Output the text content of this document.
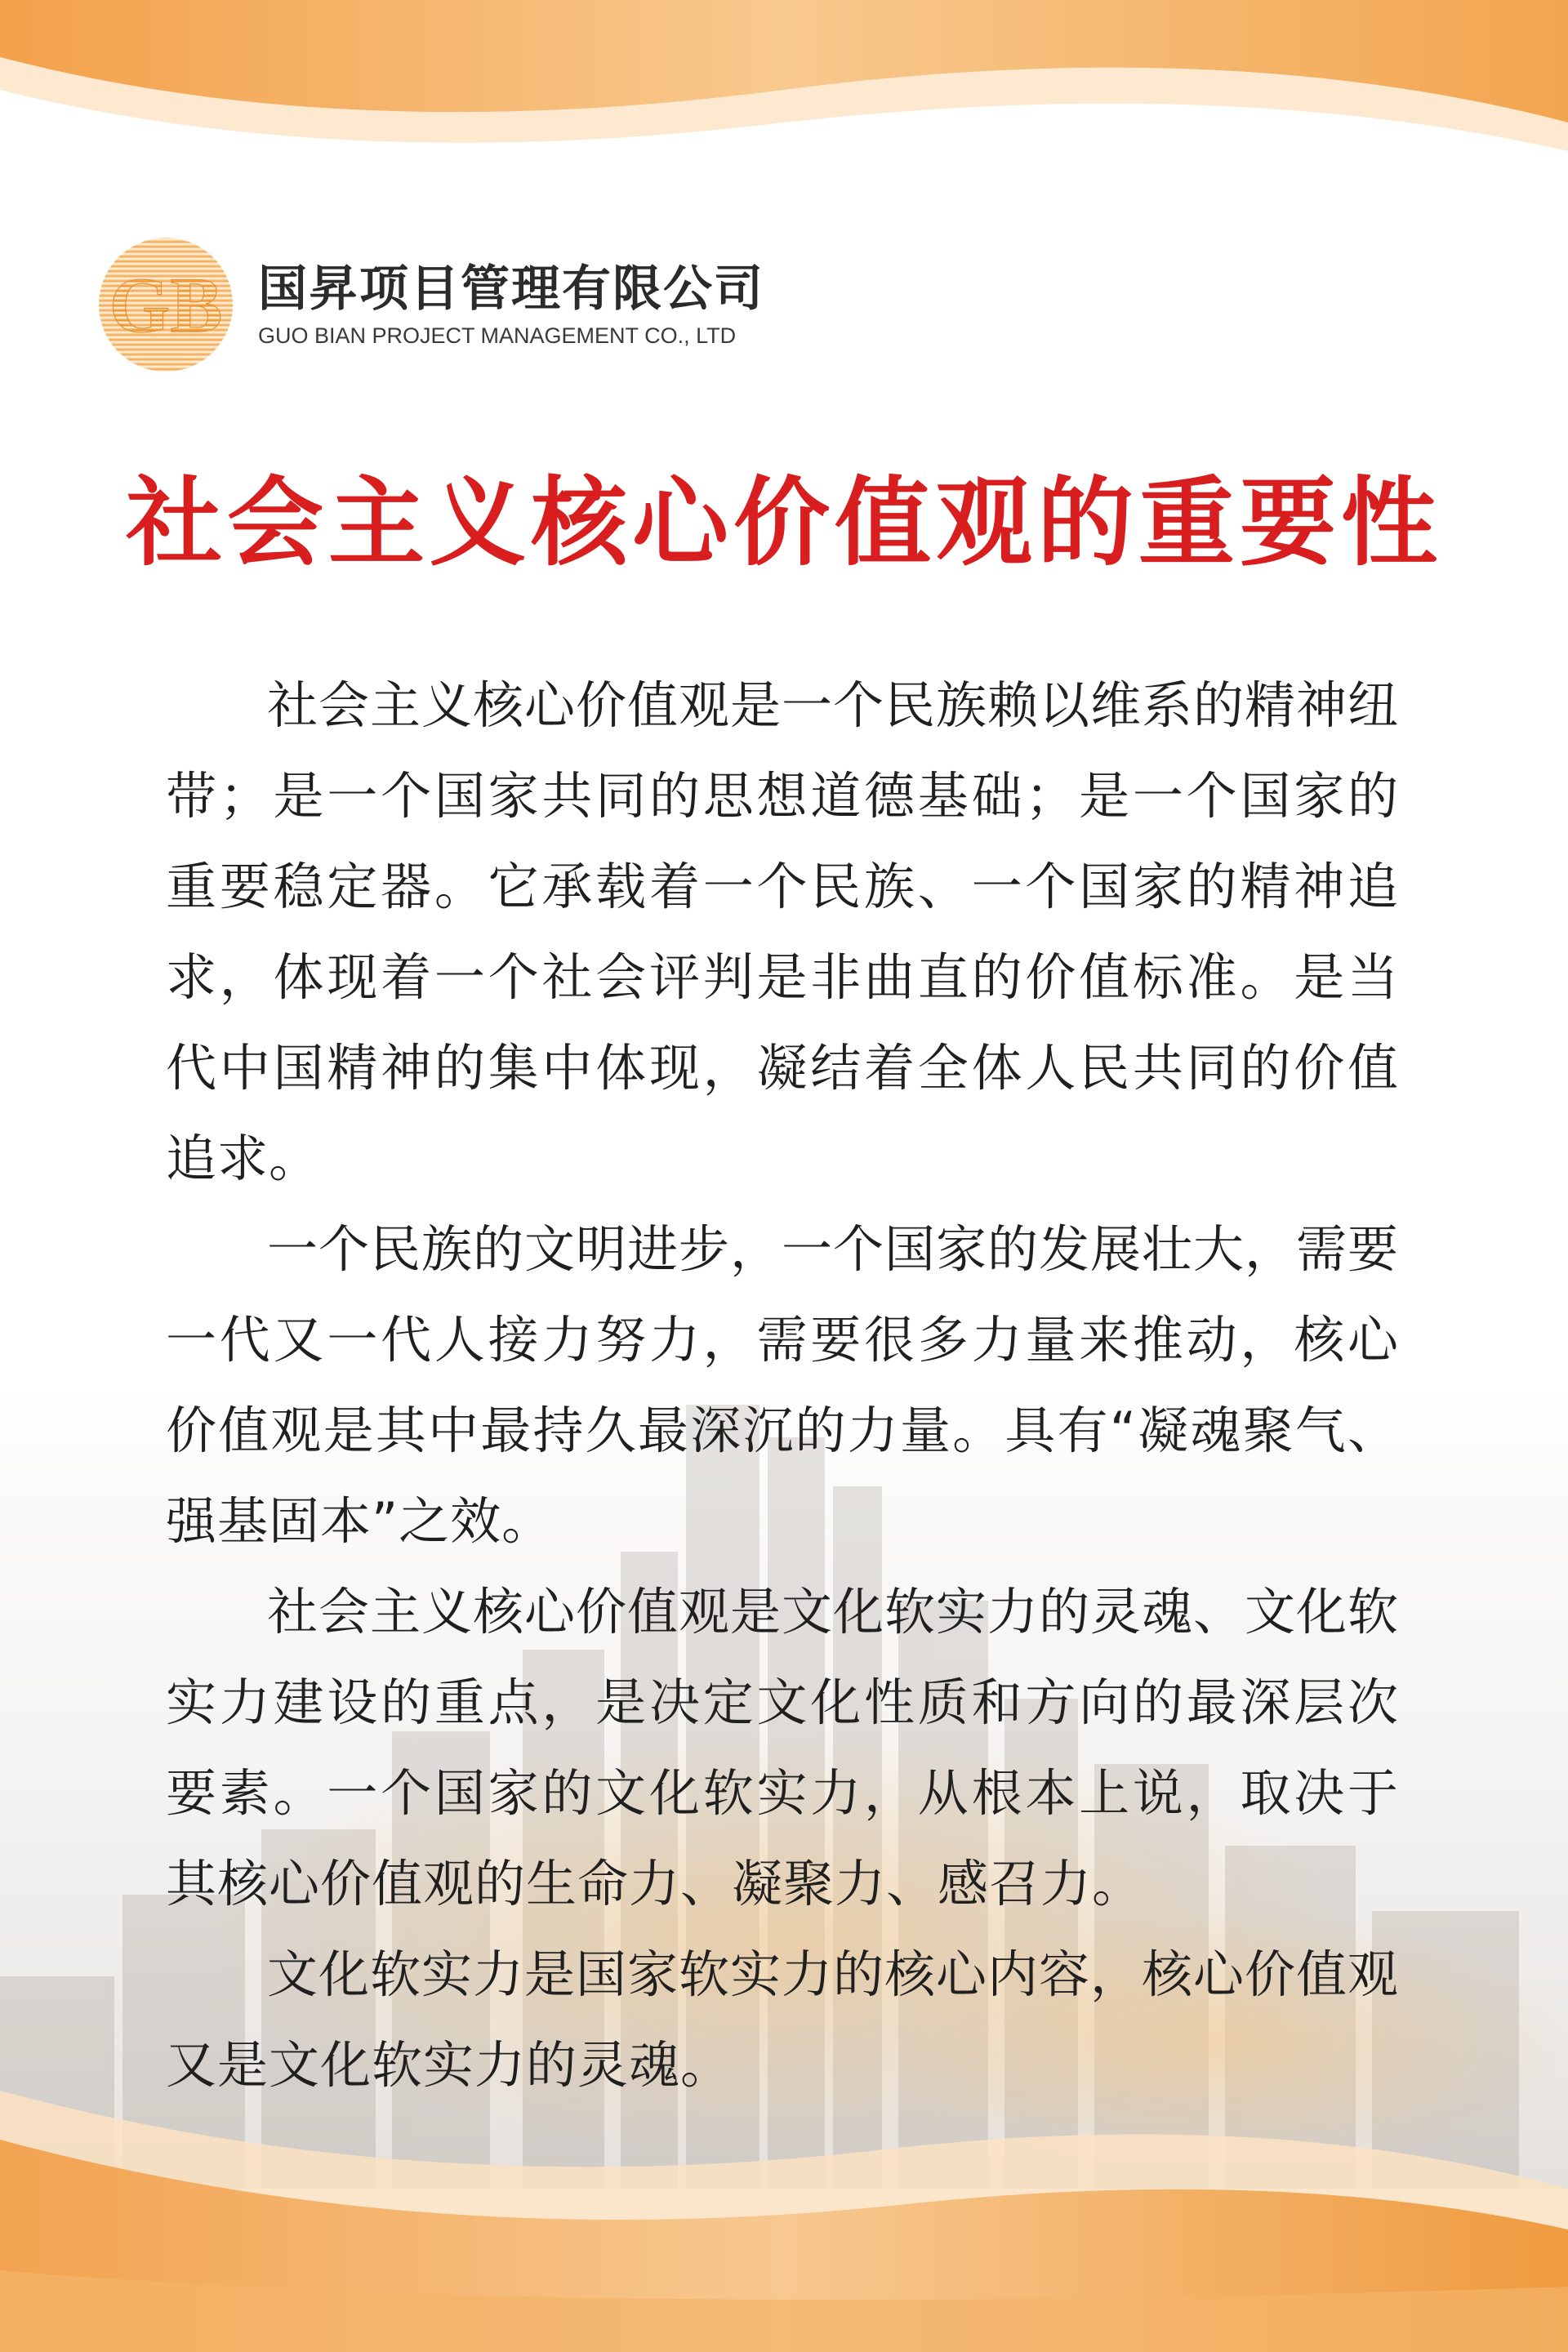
GB 国昇项目管理有限公司
GUO BIAN PROJECT MANAGEMENT CO., LTD
社会主义核心价值观的重要性

社会主义核心价值观是一个民族赖以维系的精神纽带；是一个国家共同的思想道德基础；是一个国家的重要稳定器。它承载着一个民族、一个国家的精神追求，体现着一个社会评判是非曲直的价值标准。是当代中国精神的集中体现，凝结着全体人民共同的价值追求。

一个民族的文明进步，一个国家的发展壮大，需要一代又一代人接力努力，需要很多力量来推动，核心价值观是其中最持久最深沉的力量。具有“凝魂聚气、强基固本”之效。

社会主义核心价值观是文化软实力的灵魂、文化软实力建设的重点，是决定文化性质和方向的最深层次要素。一个国家的文化软实力，从根本上说，取决于其核心价值观的生命力、凝聚力、感召力。

文化软实力是国家软实力的核心内容，核心价值观又是文化软实力的灵魂。
